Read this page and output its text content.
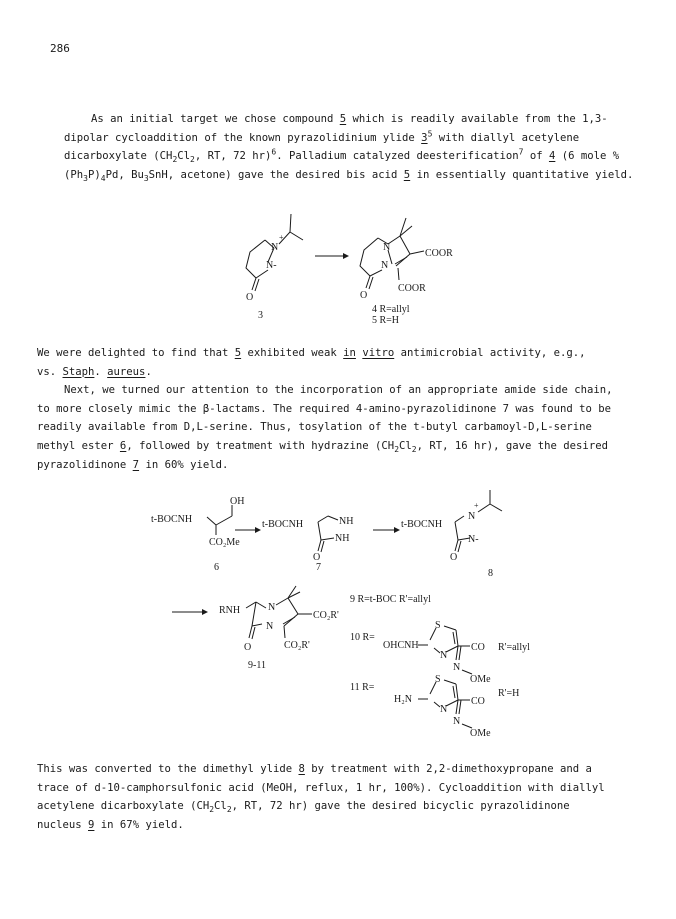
286
As an initial target we chose compound 5 which is readily available from the 1,3-
dipolar cycloaddition of the known pyrazolidinium ylide $3^5$ with diallyl acetylene
dicarboxylate ($CH_2Cl_2$, RT, 72 hr)$^6$. Palladium catalyzed deesterification$^7$ of 4 (6 mole %
$(Ph_3P)_4Pd$, $Bu_3SnH$, acetone) gave the desired bis acid 5 in essentially quantitative yield.
N
+
N-
O
N
N
COOR
COOR
O
3
4 R=allyl
5 R=H
We were delighted to find that 5 exhibited weak in vitro antimicrobial activity, e.g.,
vs. Staph. aureus.
Next, we turned our attention to the incorporation of an appropriate amide side chain,
to more closely mimic the β-lactams. The required 4-amino-pyrazolidinone 7 was found to be
readily available from D,L-serine. Thus, tosylation of the t-butyl carbamoyl-D,L-serine
methyl ester 6, followed by treatment with hydrazine ($CH_2Cl_2$, RT, 16 hr), gave the desired
pyrazolidinone 7 in 60% yield.
t-BOCNH
OH
CO₂Me
6
t-BOCNH	NH
NH
O
7
t-BOCNH
N
+
N-
O
8
RNH	N
N
CO₂R'
CO₂R'
O
9-11
9 R=t-BOC R'=allyl
10 R=
OHCNH
S
N
CO R'=allyl
N
OMe
11 R=
H₂N
S
N
CO
R'=H
N
OMe
This was converted to the dimethyl ylide 8 by treatment with 2,2-dimethoxypropane and a
trace of d-10-camphorsulfonic acid (MeOH, reflux, 1 hr, 100%). Cycloaddition with diallyl
acetylene dicarboxylate ($CH_2Cl_2$, RT, 72 hr) gave the desired bicyclic pyrazolidinone
nucleus 9 in 67% yield.
